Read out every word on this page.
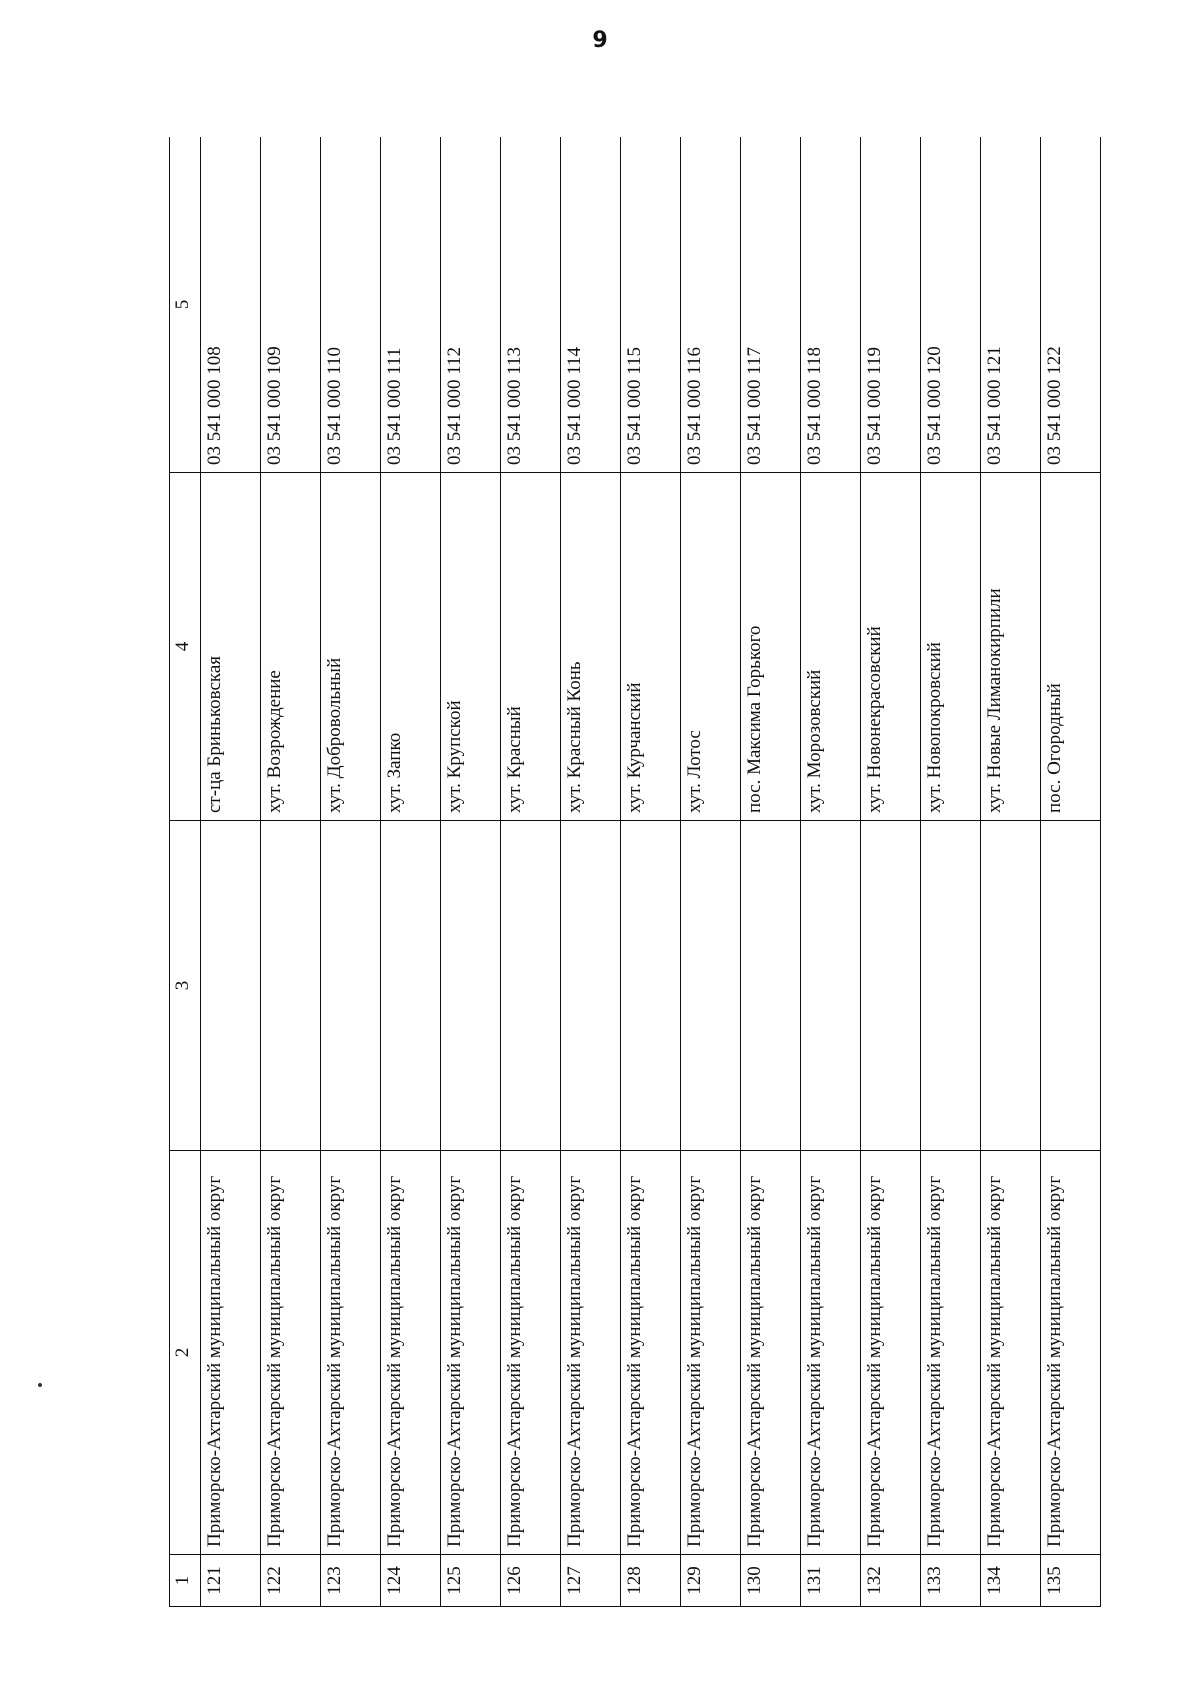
9
1	2	3	4	5
121	Приморско-Ахтарский муниципальный округ		ст-ца Бриньковская	03 541 000 108
122	Приморско-Ахтарский муниципальный округ		хут. Возрождение	03 541 000 109
123	Приморско-Ахтарский муниципальный округ		хут. Добровольный	03 541 000 110
124	Приморско-Ахтарский муниципальный округ		хут. Запко	03 541 000 111
125	Приморско-Ахтарский муниципальный округ		хут. Крупской	03 541 000 112
126	Приморско-Ахтарский муниципальный округ		хут. Красный	03 541 000 113
127	Приморско-Ахтарский муниципальный округ		хут. Красный Конь	03 541 000 114
128	Приморско-Ахтарский муниципальный округ		хут. Курчанский	03 541 000 115
129	Приморско-Ахтарский муниципальный округ		хут. Лотос	03 541 000 116
130	Приморско-Ахтарский муниципальный округ		пос. Максима Горького	03 541 000 117
131	Приморско-Ахтарский муниципальный округ		хут. Морозовский	03 541 000 118
132	Приморско-Ахтарский муниципальный округ		хут. Новонекрасовский	03 541 000 119
133	Приморско-Ахтарский муниципальный округ		хут. Новопокровский	03 541 000 120
134	Приморско-Ахтарский муниципальный округ		хут. Новые Лиманокирпили	03 541 000 121
135	Приморско-Ахтарский муниципальный округ		пос. Огородный	03 541 000 122
